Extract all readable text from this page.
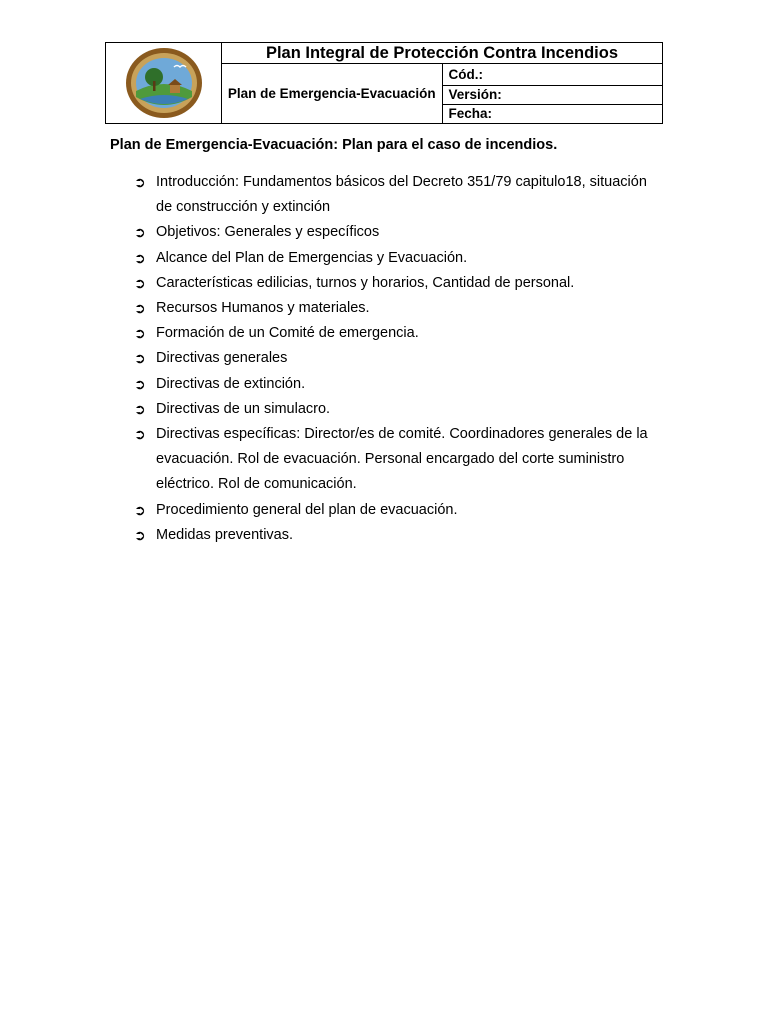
	Plan Integral de Protección Contra Incendios	
	Plan de Emergencia-Evacuación	Cód.:
		Versión:
		Fecha:
Plan de Emergencia-Evacuación: Plan para el caso de incendios.
➲ Introducción: Fundamentos básicos del Decreto 351/79 capitulo18, situación de construcción y extinción
➲ Objetivos: Generales y específicos
➲ Alcance del Plan de Emergencias y Evacuación.
➲ Características edilicias, turnos y horarios, Cantidad de personal.
➲ Recursos Humanos y materiales.
➲ Formación de un Comité de emergencia.
➲ Directivas generales
➲ Directivas de extinción.
➲ Directivas de un simulacro.
➲ Directivas específicas: Director/es de comité. Coordinadores generales de la evacuación. Rol de evacuación. Personal encargado del corte suministro eléctrico. Rol de comunicación.
➲ Procedimiento general del plan de evacuación.
➲ Medidas preventivas.
